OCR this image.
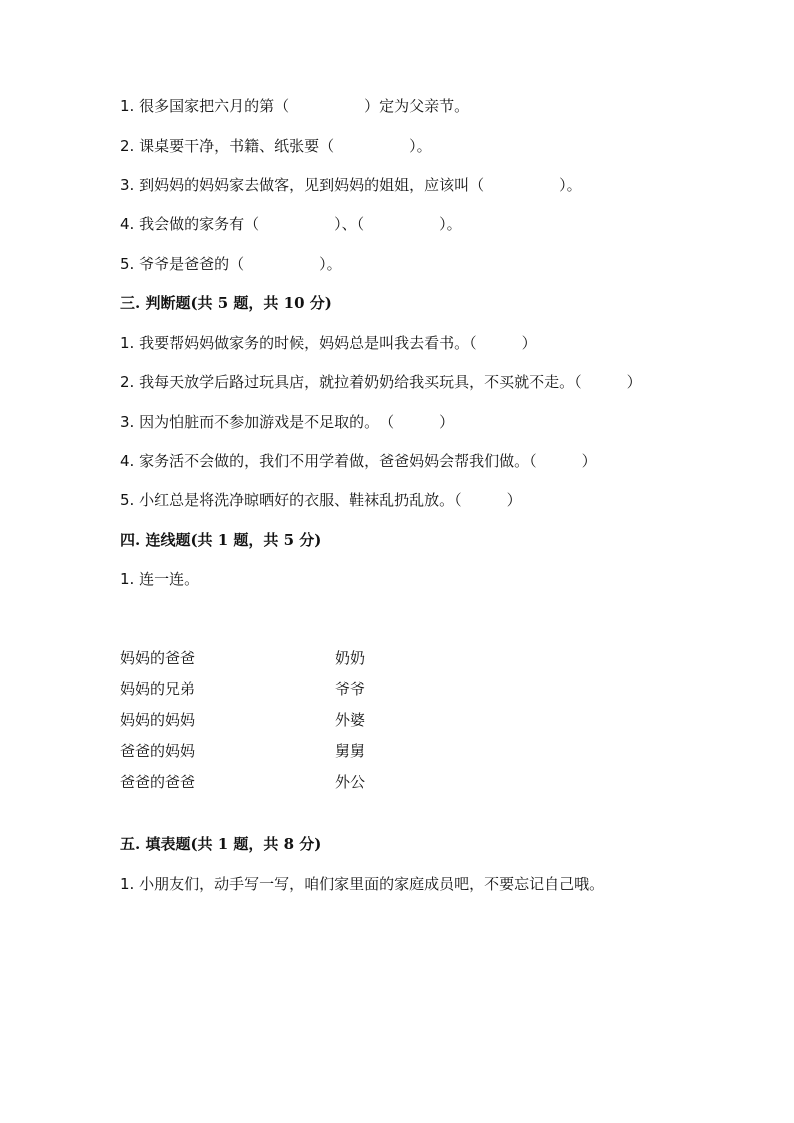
1. 很多国家把六月的第（　　　　　）定为父亲节。

2. 课桌要干净，书籍、纸张要（　　　　　）。

3. 到妈妈的妈妈家去做客，见到妈妈的姐姐，应该叫（　　　　　）。

4. 我会做的家务有（　　　　　）、（　　　　　）。

5. 爷爷是爸爸的（　　　　　）。

三. 判断题(共 5 题，共 10 分)

1. 我要帮妈妈做家务的时候，妈妈总是叫我去看书。（　　　）

2. 我每天放学后路过玩具店，就拉着奶奶给我买玩具，不买就不走。（　　　）

3. 因为怕脏而不参加游戏是不足取的。　（　　　）

4. 家务活不会做的，我们不用学着做，爸爸妈妈会帮我们做。（　　　）

5. 小红总是将洗净晾晒好的衣服、鞋袜乱扔乱放。（　　　）

四. 连线题(共 1 题，共 5 分)

1. 连一连。

妈妈的爸爸
妈妈的兄弟
妈妈的妈妈
爸爸的妈妈
爸爸的爸爸
奶奶
爷爷
外婆
舅舅
外公

五. 填表题(共 1 题，共 8 分)

1. 小朋友们，动手写一写，咱们家里面的家庭成员吧，不要忘记自己哦。
